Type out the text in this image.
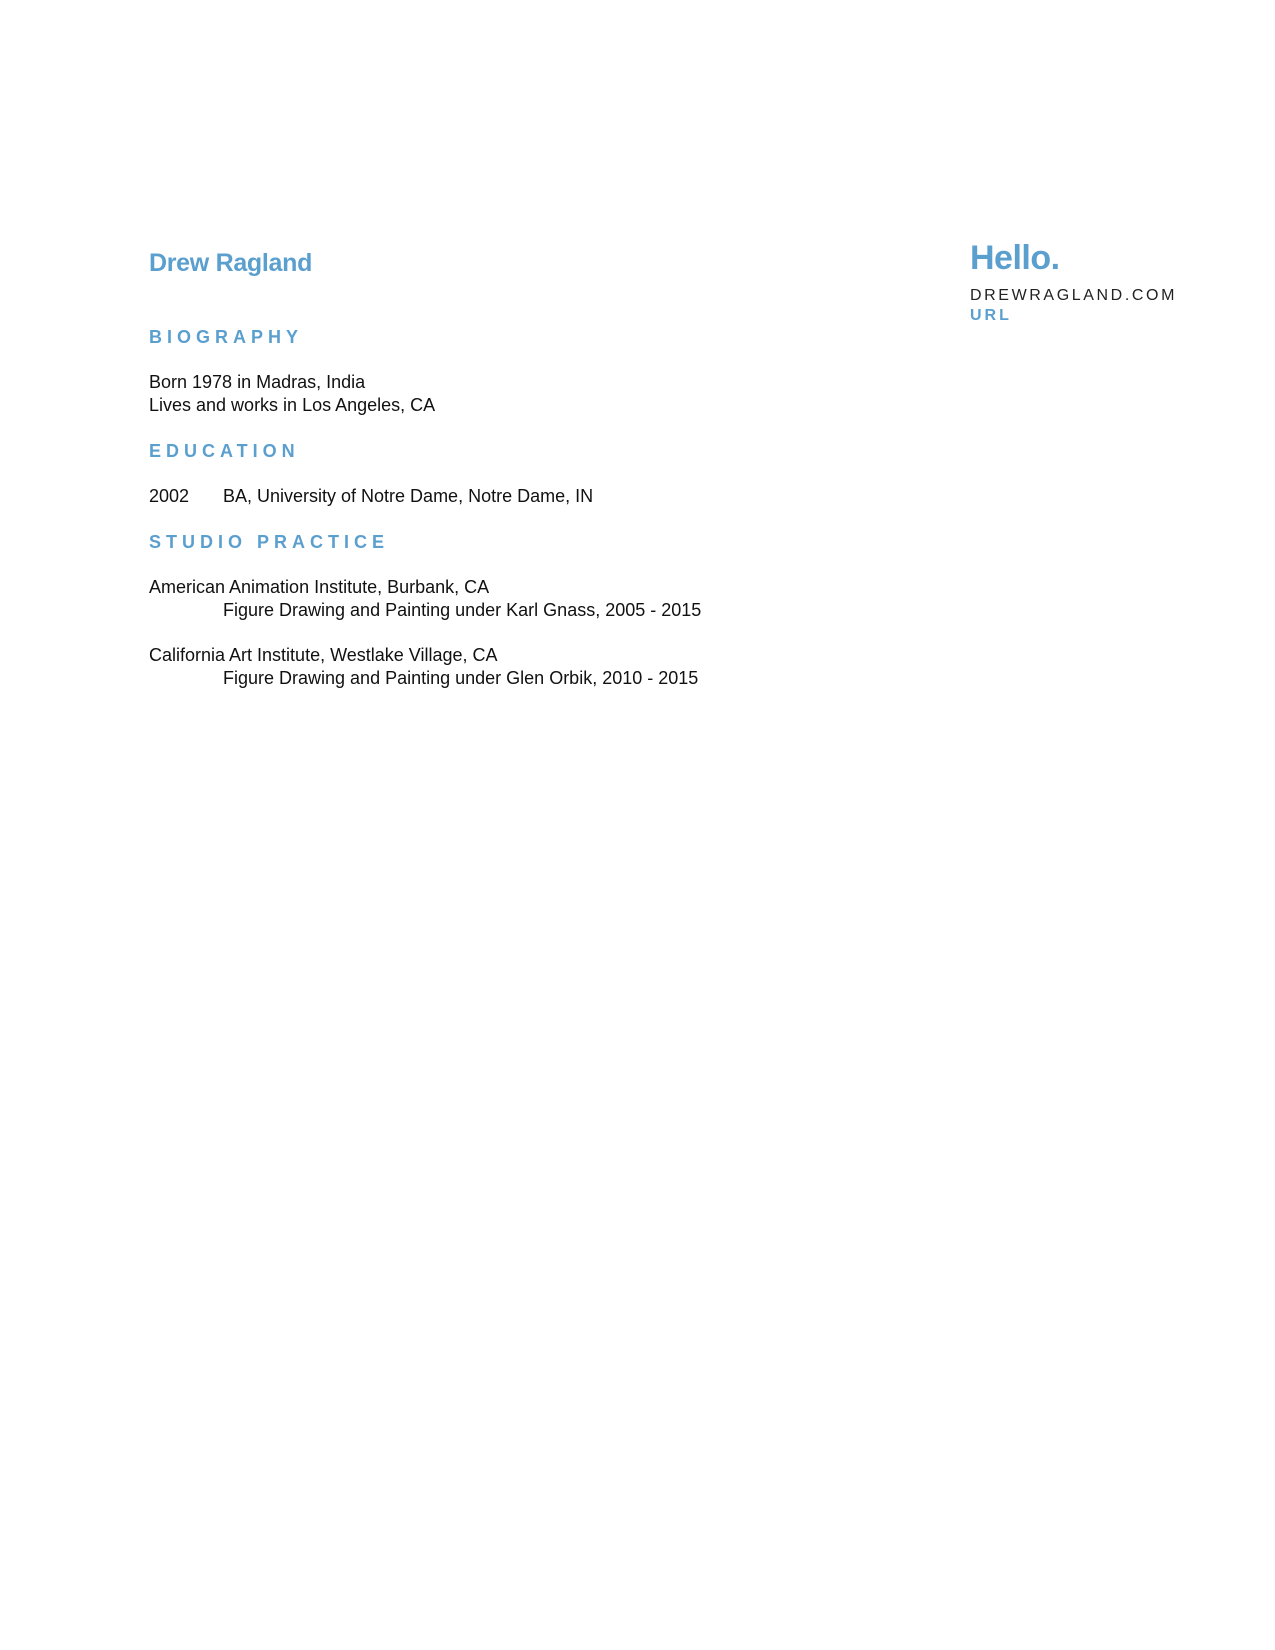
Drew Ragland	Hello.
DREWRAGLAND.COM
URL
BIOGRAPHY
Born 1978 in Madras, India
Lives and works in Los Angeles, CA
EDUCATION
2002	BA, University of Notre Dame, Notre Dame, IN
STUDIO PRACTICE
American Animation Institute, Burbank, CA
Figure Drawing and Painting under Karl Gnass, 2005 - 2015
California Art Institute, Westlake Village, CA
Figure Drawing and Painting under Glen Orbik, 2010 - 2015
